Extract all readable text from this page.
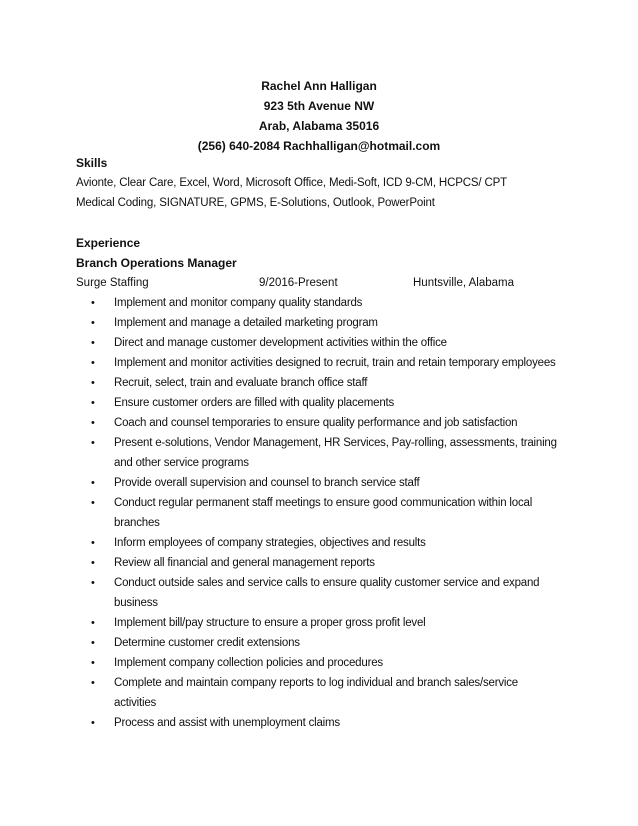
Rachel Ann Halligan
923 5th Avenue NW
Arab, Alabama 35016
(256) 640-2084 Rachhalligan@hotmail.com
Skills
Avionte, Clear Care, Excel, Word, Microsoft Office, Medi-Soft, ICD 9-CM, HCPCS/ CPT
Medical Coding, SIGNATURE, GPMS, E-Solutions, Outlook, PowerPoint
Experience
Branch Operations Manager
Surge Staffing	9/2016-Present	Huntsville, Alabama
• Implement and monitor company quality standards
• Implement and manage a detailed marketing program
• Direct and manage customer development activities within the office
• Implement and monitor activities designed to recruit, train and retain temporary employees
• Recruit, select, train and evaluate branch office staff
• Ensure customer orders are filled with quality placements
• Coach and counsel temporaries to ensure quality performance and job satisfaction
• Present e-solutions, Vendor Management, HR Services, Pay-rolling, assessments, training and other service programs
• Provide overall supervision and counsel to branch service staff
• Conduct regular permanent staff meetings to ensure good communication within local branches
• Inform employees of company strategies, objectives and results
• Review all financial and general management reports
• Conduct outside sales and service calls to ensure quality customer service and expand business
• Implement bill/pay structure to ensure a proper gross profit level
• Determine customer credit extensions
• Implement company collection policies and procedures
• Complete and maintain company reports to log individual and branch sales/service activities
• Process and assist with unemployment claims
